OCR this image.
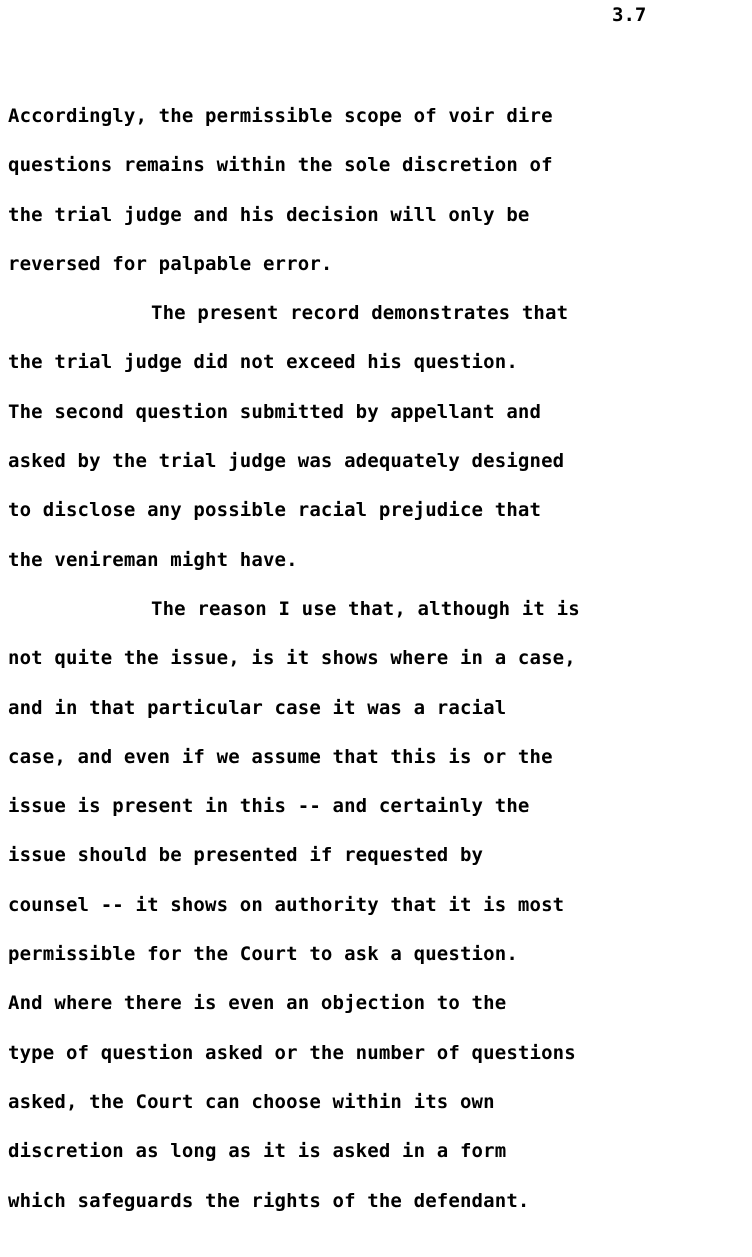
3.7
Accordingly, the permissible scope of voir dire
questions remains within the sole discretion of
the trial judge and his decision will only be
reversed for palpable error.
The present record demonstrates that
the trial judge did not exceed his question.
The second question submitted by appellant and
asked by the trial judge was adequately designed
to disclose any possible racial prejudice that
the venireman might have.
The reason I use that, although it is
not quite the issue, is it shows where in a case,
and in that particular case it was a racial
case, and even if we assume that this is or the
issue is present in this -- and certainly the
issue should be presented if requested by
counsel -- it shows on authority that it is most
permissible for the Court to ask a question.
And where there is even an objection to the
type of question asked or the number of questions
asked, the Court can choose within its own
discretion as long as it is asked in a form
which safeguards the rights of the defendant.
